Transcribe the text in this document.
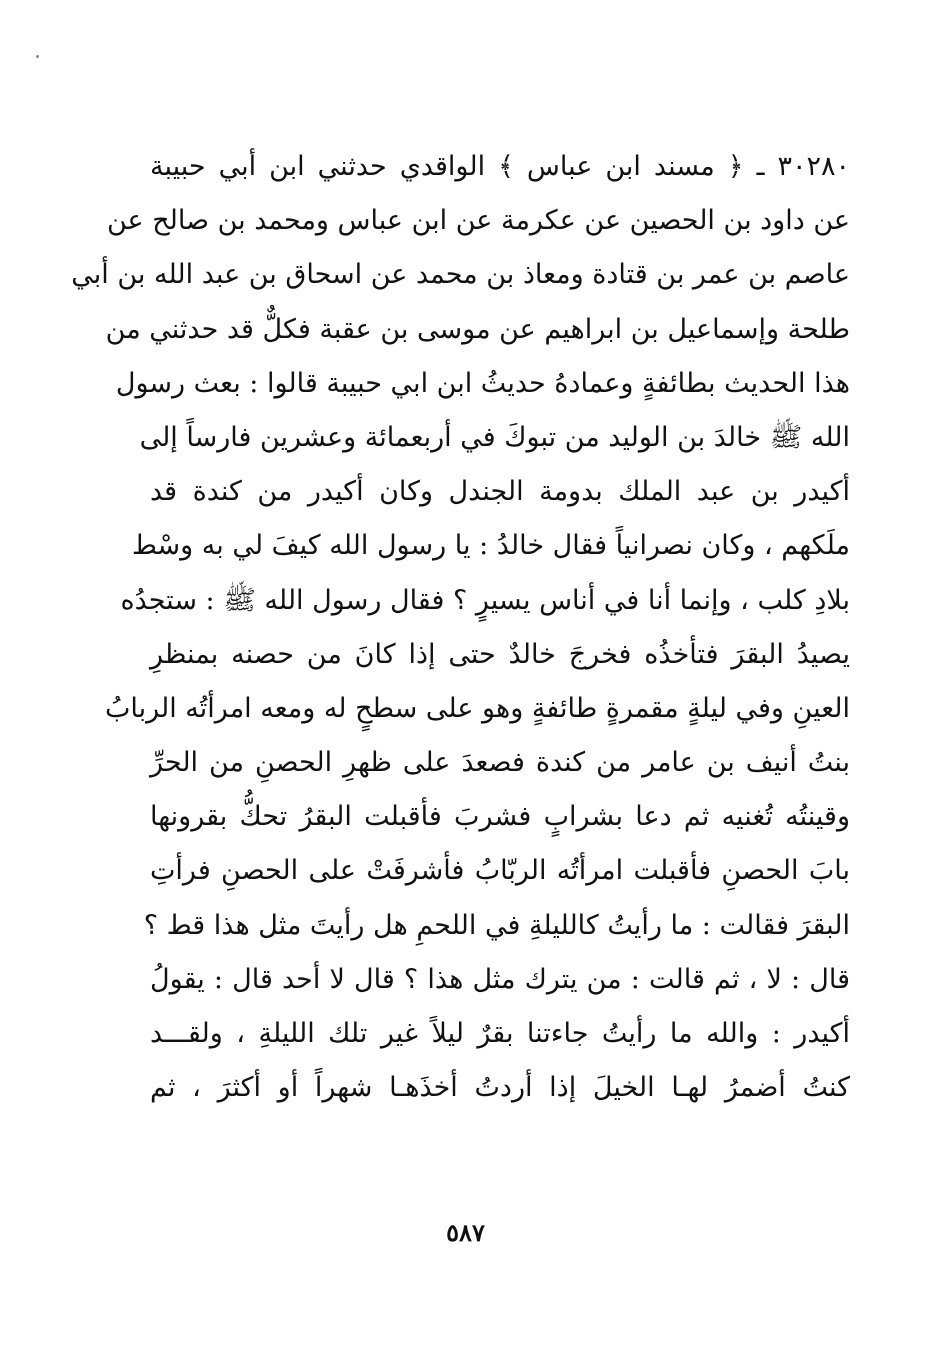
٣٠٢٨٠ ـ ﴿ مسند ابن عباس ﴾ الواقدي حدثني ابن أبي حبيبة
عن داود بن الحصين عن عكرمة عن ابن عباس ومحمد بن صالح عن
عاصم بن عمر بن قتادة ومعاذ بن محمد عن اسحاق بن عبد الله بن أبي
طلحة وإسماعيل بن ابراهيم عن موسى بن عقبة فكلٌّ قد حدثني من
هذا الحديث بطائفةٍ وعمادهُ حديثُ ابن ابي حبيبة قالوا : بعث رسول
الله ﷺ خالدَ بن الوليد من تبوكَ في أربعمائة وعشرين فارساً إلى
أكيدر بن عبد الملك بدومة الجندل وكان أكيدر من كندة قد
ملَكهم ، وكان نصرانياً فقال خالدُ : يا رسول الله كيفَ لي به وسْط
بلادِ كلب ، وإنما أنا في أناس يسيرٍ ؟ فقال رسول الله ﷺ : ستجدُه
يصيدُ البقرَ فتأخذُه فخرجَ خالدٌ حتى إذا كانَ من حصنه بمنظرِ
العينِ وفي ليلةٍ مقمرةٍ طائفةٍ وهو على سطحٍ له ومعه امرأتُه الربابُ
بنتُ أنيف بن عامر من كندة فصعدَ على ظهرِ الحصنِ من الحرِّ
وقينتُه تُغنيه ثم دعا بشرابٍ فشربَ فأقبلت البقرُ تحكُّ بقرونها
بابَ الحصنِ فأقبلت امرأتُه الربّابُ فأشرفَتْ على الحصنِ فرأتِ
البقرَ فقالت : ما رأيتُ كالليلةِ في اللحمِ هل رأيتَ مثل هذا قط ؟
قال : لا ، ثم قالت : من يترك مثل هذا ؟ قال لا أحد قال : يقولُ
أكيدر : والله ما رأيتُ جاءتنا بقرٌ ليلاً غير تلك الليلةِ ، ولقـــد
كنتُ أضمرُ لهـا الخيلَ إذا أردتُ أخذَهـا شهراً أو أكثرَ ، ثم
٥٨٧
